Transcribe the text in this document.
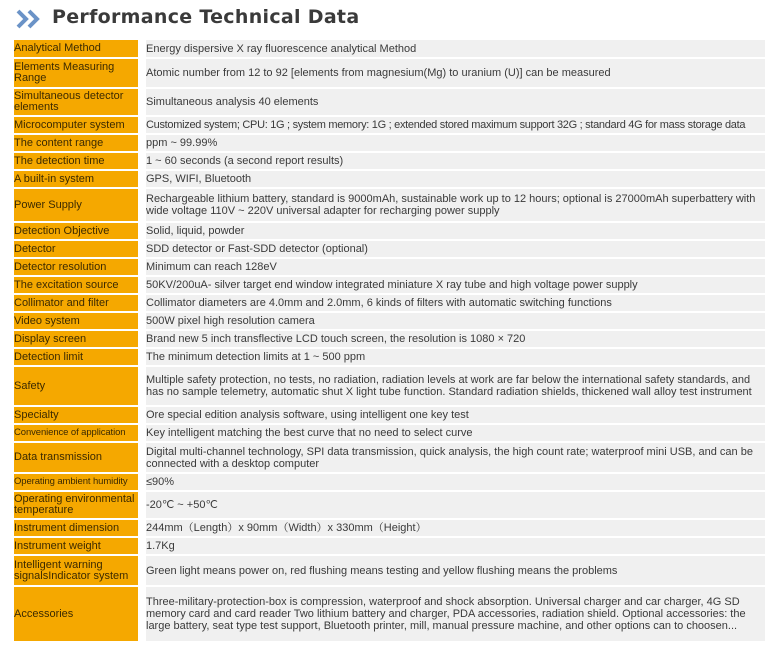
Performance Technical Data
Analytical Method		Energy dispersive X ray fluorescence analytical Method
Elements Measuring Range		Atomic number from 12 to 92 [elements from magnesium(Mg) to uranium (U)] can be measured
Simultaneous detector elements		Simultaneous analysis 40 elements
Microcomputer system		Customized system; CPU: 1G ; system memory: 1G ; extended stored maximum support 32G ; standard 4G for mass storage data
The content range		ppm ~ 99.99%
The detection time		1 ~ 60 seconds (a second report results)
A built-in system		GPS, WIFI, Bluetooth
Power Supply		Rechargeable lithium battery, standard is 9000mAh, sustainable work up to 12 hours; optional is 27000mAh superbattery with wide voltage 110V ~ 220V universal adapter for recharging power supply
Detection Objective		Solid, liquid, powder
Detector		SDD detector or Fast-SDD detector (optional)
Detector resolution		Minimum can reach 128eV
The excitation source		50KV/200uA- silver target end window integrated miniature X ray tube and high voltage power supply
Collimator and filter		Collimator diameters are 4.0mm and 2.0mm, 6 kinds of filters with automatic switching functions
Video system		500W pixel high resolution camera
Display screen		Brand new 5 inch transflective LCD touch screen, the resolution is 1080 × 720
Detection limit		The minimum detection limits at 1 ~ 500 ppm
Safety		Multiple safety protection, no tests, no radiation, radiation levels at work are far below the international safety standards, and has no sample telemetry, automatic shut X light tube function. Standard radiation shields, thickened wall alloy test instrument
Specialty		Ore special edition analysis software, using intelligent one key test
Convenience of application		Key intelligent matching the best curve that no need to select curve
Data transmission		Digital multi-channel technology, SPI data transmission, quick analysis, the high count rate; waterproof mini USB, and can be connected with a desktop computer
Operating ambient humidity		≤90%
Operating environmental temperature		-20℃ ~ +50℃
Instrument dimension		244mm（Length）x 90mm（Width）x 330mm（Height）
Instrument weight		1.7Kg
Intelligent warning signalsIndicator system		Green light means power on, red flushing means testing and yellow flushing means the problems
Accessories		Three-military-protection-box is compression, waterproof and shock absorption. Universal charger and car charger, 4G SD memory card and card reader Two lithium battery and charger, PDA accessories, radiation shield. Optional accessories: the large battery, seat type test support, Bluetooth printer, mill, manual pressure machine, and other options can to choosen...
